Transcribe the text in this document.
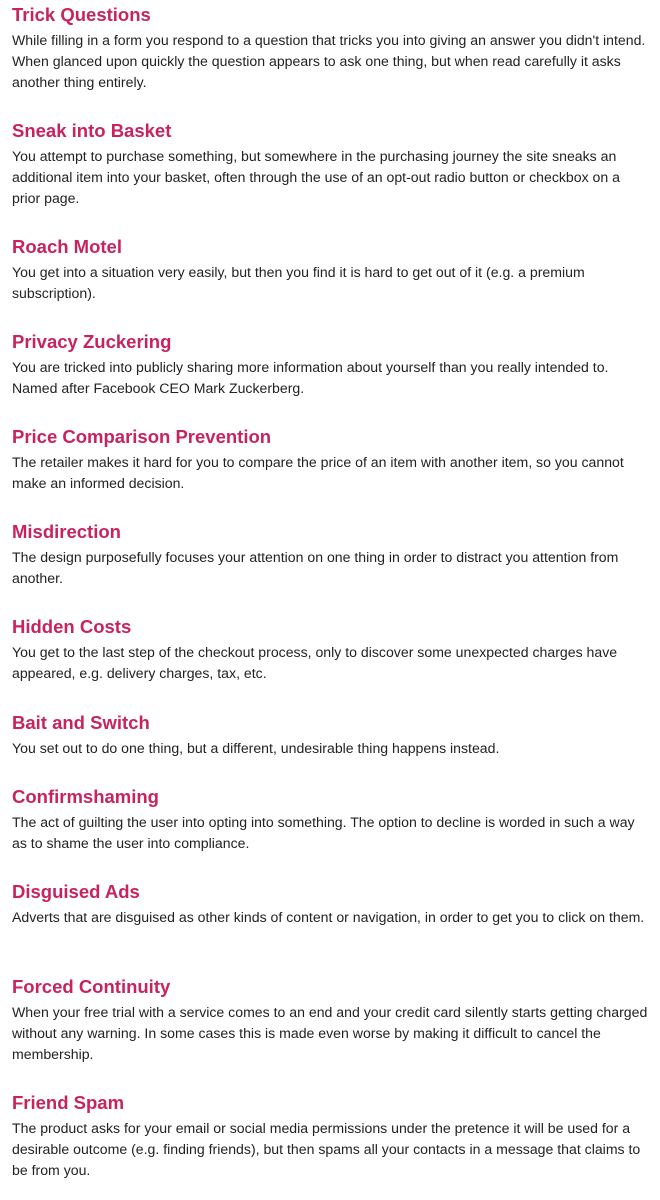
Trick Questions

While filling in a form you respond to a question that tricks you into giving an answer you didn't intend. When glanced upon quickly the question appears to ask one thing, but when read carefully it asks another thing entirely.

Sneak into Basket

You attempt to purchase something, but somewhere in the purchasing journey the site sneaks an additional item into your basket, often through the use of an opt-out radio button or checkbox on a prior page.

Roach Motel

You get into a situation very easily, but then you find it is hard to get out of it (e.g. a premium subscription).

Privacy Zuckering

You are tricked into publicly sharing more information about yourself than you really intended to. Named after Facebook CEO Mark Zuckerberg.

Price Comparison Prevention

The retailer makes it hard for you to compare the price of an item with another item, so you cannot make an informed decision.

Misdirection

The design purposefully focuses your attention on one thing in order to distract you attention from another.

Hidden Costs

You get to the last step of the checkout process, only to discover some unexpected charges have appeared, e.g. delivery charges, tax, etc.

Bait and Switch

You set out to do one thing, but a different, undesirable thing happens instead.

Confirmshaming

The act of guilting the user into opting into something. The option to decline is worded in such a way as to shame the user into compliance.

Disguised Ads

Adverts that are disguised as other kinds of content or navigation, in order to get you to click on them.

Forced Continuity

When your free trial with a service comes to an end and your credit card silently starts getting charged without any warning. In some cases this is made even worse by making it difficult to cancel the membership.

Friend Spam

The product asks for your email or social media permissions under the pretence it will be used for a desirable outcome (e.g. finding friends), but then spams all your contacts in a message that claims to be from you.
